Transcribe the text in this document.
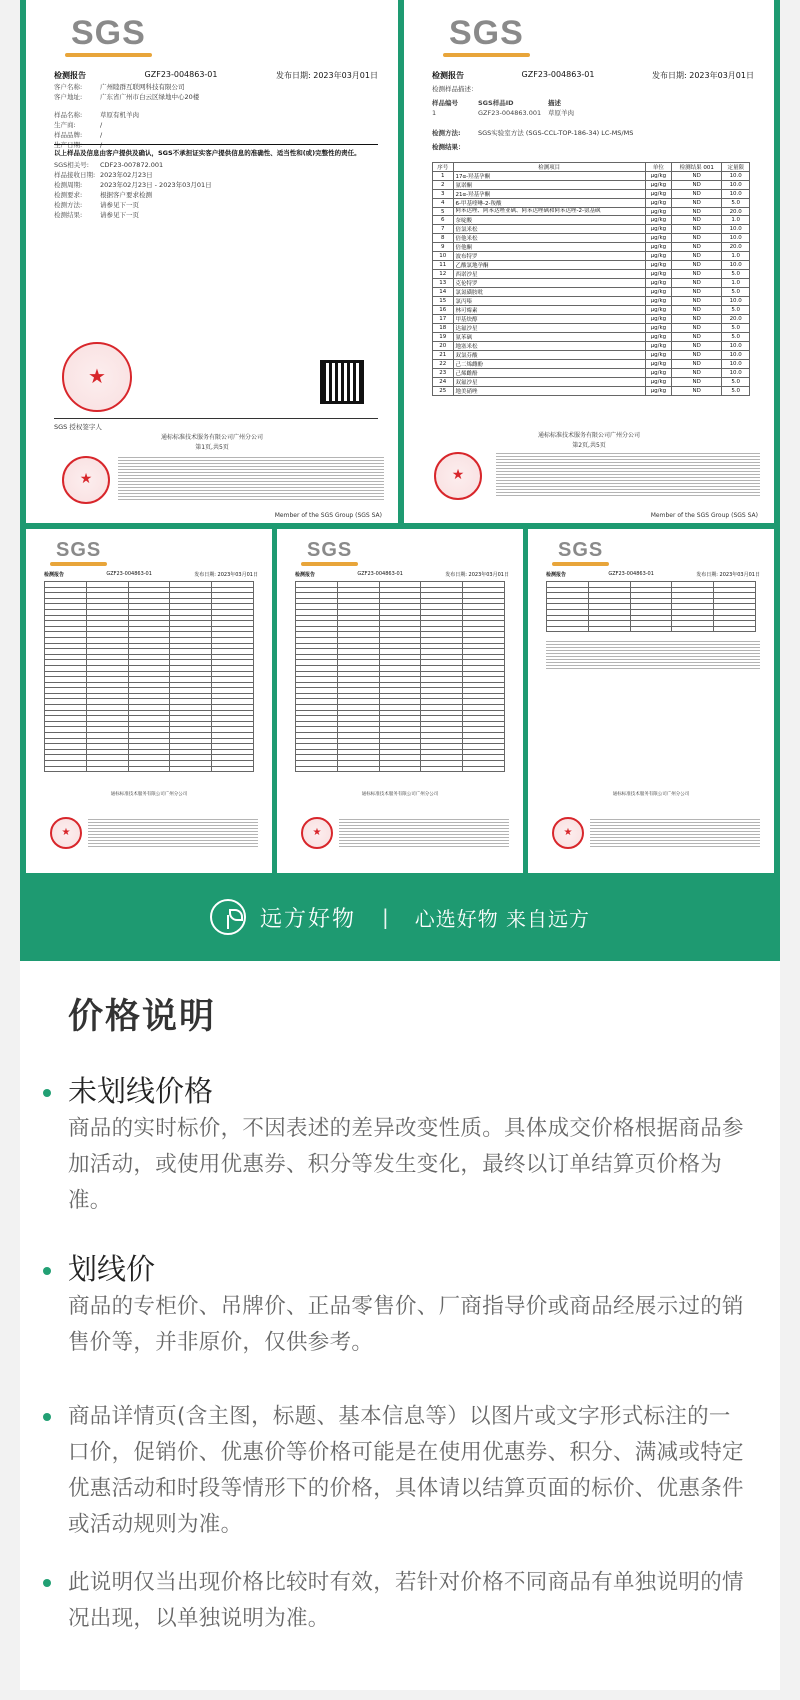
SGS
检测报告	GZF23-004863-01	发布日期: 2023年03月01日
客户名称:	广州睦群互联网科技有限公司
客户地址:	广东省广州市白云区绿地中心20楼
样品名称:	草原有机羊肉
生产商:	/
样品品牌:	/
生产日期:	/
以上样品及信息由客户提供及确认，SGS不承担证实客户提供信息的准确性、适当性和(或)完整性的责任。
SGS相关号:	CDF23-007872.001
样品接收日期: 2023年02月23日
检测周期:	2023年02月23日 - 2023年03月01日
检测要求:	根据客户要求检测
检测方法:	请参见下一页
检测结果:	请参见下一页
★
SGS 授权签字人
通标标准技术服务有限公司广州分公司
第1页,共5页
★
Member of the SGS Group (SGS SA)
SGS
检测报告	GZF23-004863-01	发布日期: 2023年03月01日
检测样品描述：
样品编号	SGS样品ID	描述
1	GZF23-004863.001	草原羊肉
检测方法:	SGS实验室方法 (SGS-CCL-TOP-186-34) LC-MS/MS
检测结果：
序号	检测项目	单位	检测结果 001	定量限
1	17α-羟基孕酮	μg/kg	ND	10.0
2	氨诺酮	μg/kg	ND	10.0
3	21α-羟基孕酮	μg/kg	ND	10.0
4	6-甲基喹啉-2-羧酸	μg/kg	ND	5.0
5	阿苯达唑、阿苯达唑亚砜、阿苯达唑砜和阿苯达唑-2-氨基砜	μg/kg	ND	20.0
6	奈啶酸	μg/kg	ND	1.0
7	倍氯米松	μg/kg	ND	10.0
8	倍他米松	μg/kg	ND	10.0
9	倍他酮	μg/kg	ND	20.0
10	波布特罗	μg/kg	ND	1.0
11	乙酸氯地孕酮	μg/kg	ND	10.0
12	西诺沙星	μg/kg	ND	5.0
13	克伦特罗	μg/kg	ND	1.0
14	氯氮磺胺吡	μg/kg	ND	5.0
15	氯丙嗪	μg/kg	ND	10.0
16	林可霉素	μg/kg	ND	5.0
17	甲基炔醇	μg/kg	ND	20.0
18	达氟沙星	μg/kg	ND	5.0
19	氨苯砜	μg/kg	ND	5.0
20	地塞米松	μg/kg	ND	10.0
21	双氯芬酸	μg/kg	ND	10.0
22	己二烯雌酚	μg/kg	ND	10.0
23	己烯雌酚	μg/kg	ND	10.0
24	双氟沙星	μg/kg	ND	5.0
25	地美硝唑	μg/kg	ND	5.0
通标标准技术服务有限公司广州分公司
第2页,共5页
★
Member of the SGS Group (SGS SA)
SGS
检测报告	GZF23-004863-01	发布日期: 2023年03月01日

通标标准技术服务有限公司广州分公司
★
SGS
检测报告	GZF23-004863-01	发布日期: 2023年03月01日

通标标准技术服务有限公司广州分公司
★
SGS
检测报告	GZF23-004863-01	发布日期: 2023年03月01日

通标标准技术服务有限公司广州分公司
★
远方好物 | 心选好物 来自远方
价格说明
未划线价格

商品的实时标价，不因表述的差异改变性质。具体成交价格根据商品参加活动，或使用优惠券、积分等发生变化，最终以订单结算页价格为准。

划线价

商品的专柜价、吊牌价、正品零售价、厂商指导价或商品经展示过的销售价等，并非原价，仅供参考。

商品详情页(含主图，标题、基本信息等）以图片或文字形式标注的一口价，促销价、优惠价等价格可能是在使用优惠券、积分、满减或特定优惠活动和时段等情形下的价格，具体请以结算页面的标价、优惠条件或活动规则为准。

此说明仅当出现价格比较时有效，若针对价格不同商品有单独说明的情况出现，以单独说明为准。
